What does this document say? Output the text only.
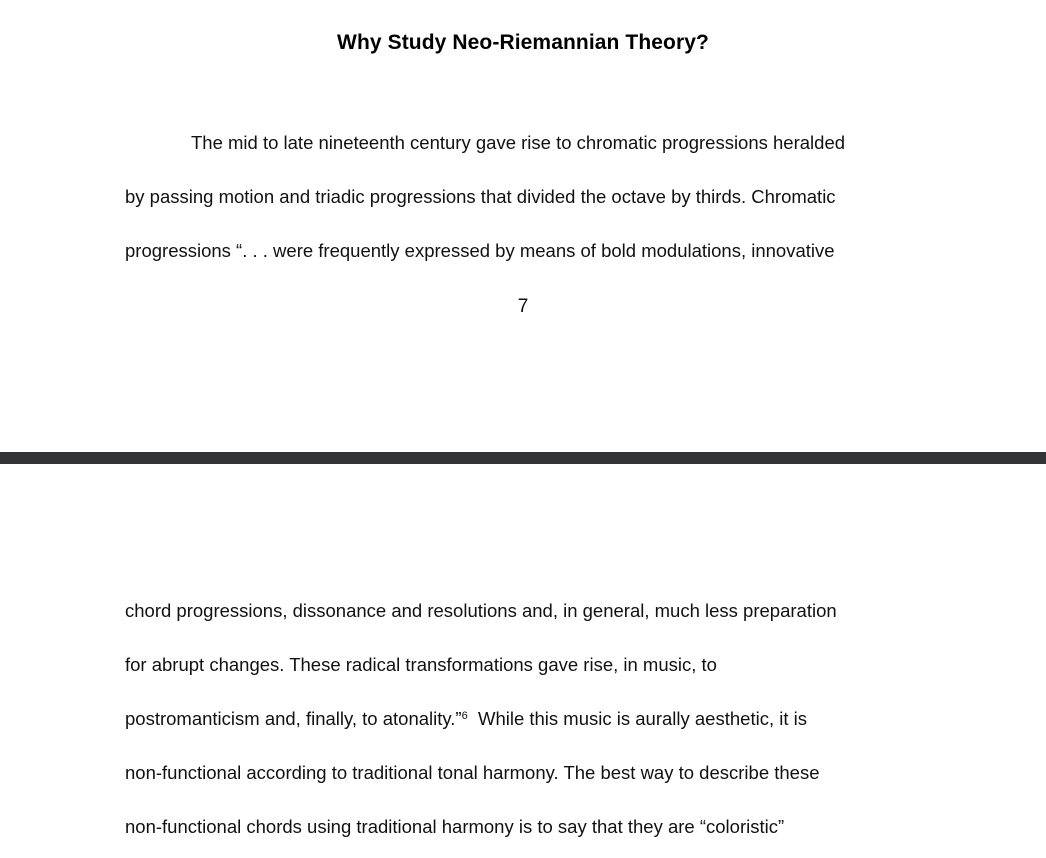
Why Study Neo-Riemannian Theory?
The mid to late nineteenth century gave rise to chromatic progressions heralded
by passing motion and triadic progressions that divided the octave by thirds. Chromatic
progressions “. . . were frequently expressed by means of bold modulations, innovative
7
chord progressions, dissonance and resolutions and, in general, much less preparation
for abrupt changes. These radical transformations gave rise, in music, to
postromanticism and, finally, to atonality.”$^6$  While this music is aurally aesthetic, it is
non-functional according to traditional tonal harmony. The best way to describe these
non-functional chords using traditional harmony is to say that they are “coloristic”
